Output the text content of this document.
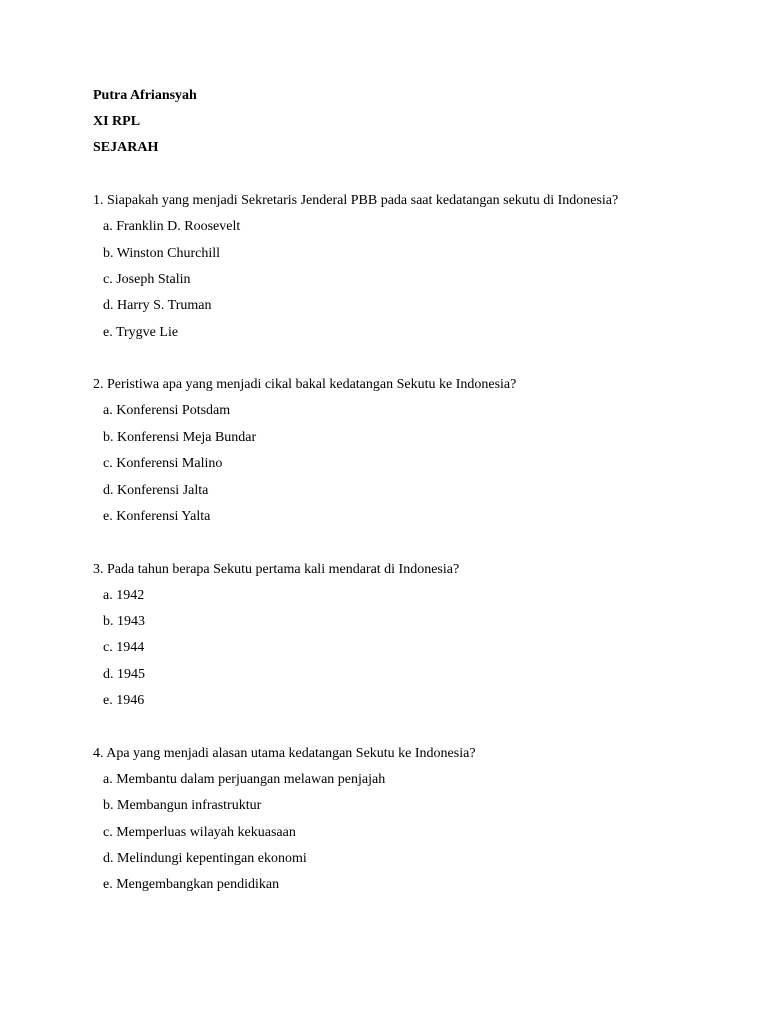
Putra Afriansyah
XI RPL
SEJARAH
1. Siapakah yang menjadi Sekretaris Jenderal PBB pada saat kedatangan sekutu di Indonesia?
a. Franklin D. Roosevelt
b. Winston Churchill
c. Joseph Stalin
d. Harry S. Truman
e. Trygve Lie
2. Peristiwa apa yang menjadi cikal bakal kedatangan Sekutu ke Indonesia?
a. Konferensi Potsdam
b. Konferensi Meja Bundar
c. Konferensi Malino
d. Konferensi Jalta
e. Konferensi Yalta
3. Pada tahun berapa Sekutu pertama kali mendarat di Indonesia?
a. 1942
b. 1943
c. 1944
d. 1945
e. 1946
4. Apa yang menjadi alasan utama kedatangan Sekutu ke Indonesia?
a. Membantu dalam perjuangan melawan penjajah
b. Membangun infrastruktur
c. Memperluas wilayah kekuasaan
d. Melindungi kepentingan ekonomi
e. Mengembangkan pendidikan
